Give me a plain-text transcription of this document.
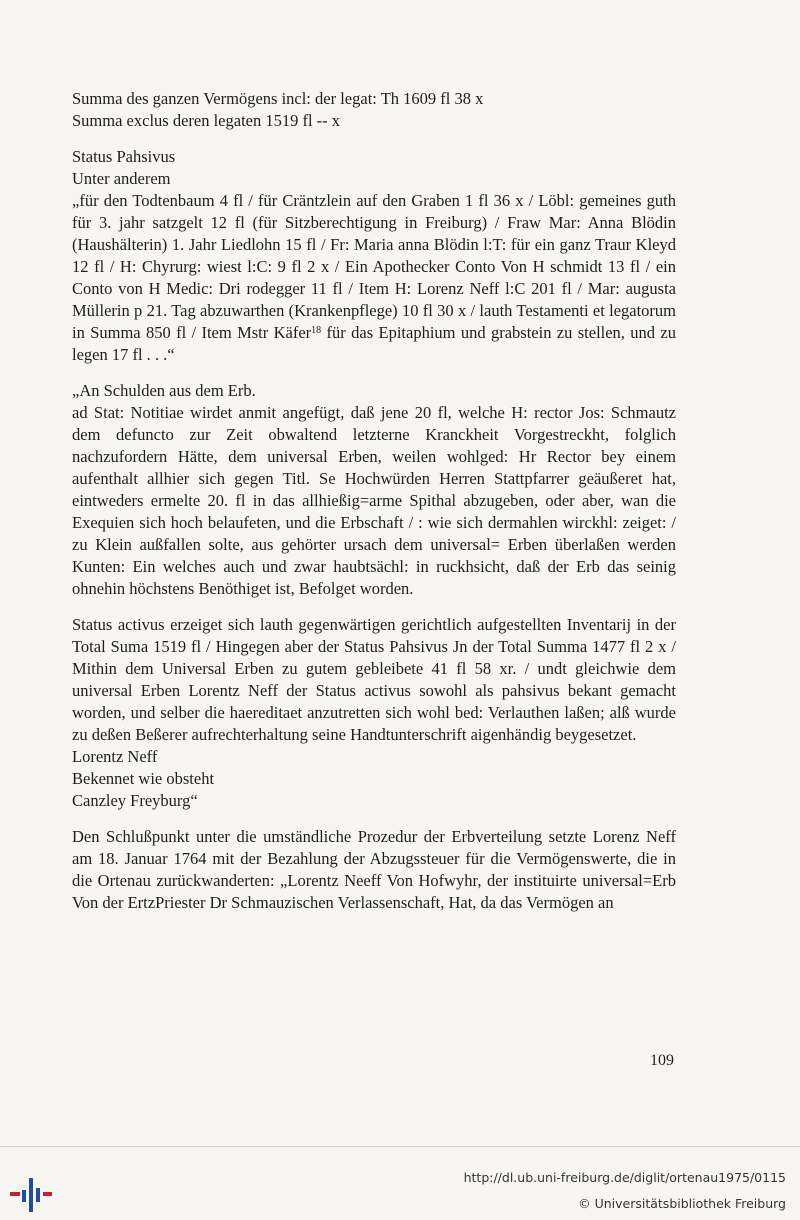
Summa des ganzen Vermögens incl: der legat: Th 1609 fl 38 x

Summa exclus deren legaten 1519 fl -- x

Status Pahsivus

Unter anderem

„für den Todtenbaum 4 fl / für Cräntzlein auf den Graben 1 fl 36 x / Löbl: gemeines guth für 3. jahr satzgelt 12 fl (für Sitzberechtigung in Freiburg) / Fraw Mar: Anna Blödin (Haushälterin) 1. Jahr Liedlohn 15 fl / Fr: Maria anna Blödin l:T: für ein ganz Traur Kleyd 12 fl / H: Chyrurg: wiest l:C: 9 fl 2 x / Ein Apothecker Conto Von H schmidt 13 fl / ein Conto von H Medic: Dri rodegger 11 fl / Item H: Lorenz Neff l:C 201 fl / Mar: augusta Müllerin p 21. Tag abzuwarthen (Krankenpflege) 10 fl 30 x / lauth Testamenti et legatorum in Summa 850 fl / Item Mstr Käfer$^{18}$ für das Epitaphium und grabstein zu stellen, und zu legen 17 fl . . .“

„An Schulden aus dem Erb.

ad Stat: Notitiae wirdet anmit angefügt, daß jene 20 fl, welche H: rector Jos: Schmautz dem defuncto zur Zeit obwaltend letzterne Kranckheit Vorgestreckht, folglich nachzufordern Hätte, dem universal Erben, weilen wohlged: Hr Rector bey einem aufenthalt allhier sich gegen Titl. Se Hochwürden Herren Stattpfarrer geäußeret hat, eintweders ermelte 20. fl in das allhießig=arme Spithal abzugeben, oder aber, wan die Exequien sich hoch belaufeten, und die Erbschaft / : wie sich dermahlen wirckhl: zeiget: / zu Klein außfallen solte, aus gehörter ursach dem universal= Erben überlaßen werden Kunten: Ein welches auch und zwar haubtsächl: in ruckhsicht, daß der Erb das seinig ohnehin höchstens Benöthiget ist, Befolget worden.

Status activus erzeiget sich lauth gegenwärtigen gerichtlich aufgestellten Inventarij in der Total Suma 1519 fl / Hingegen aber der Status Pahsivus Jn der Total Summa 1477 fl 2 x / Mithin dem Universal Erben zu gutem gebleibete 41 fl 58 xr. / undt gleichwie dem universal Erben Lorentz Neff der Status activus sowohl als pahsivus bekant gemacht worden, und selber die haereditaet anzutretten sich wohl bed: Verlauthen laßen; alß wurde zu deßen Beßerer aufrechterhaltung seine Handtunterschrift aigenhändig beygesetzet.

Lorentz Neff

Bekennet wie obsteht

Canzley Freyburg“

Den Schlußpunkt unter die umständliche Prozedur der Erbverteilung setzte Lorenz Neff am 18. Januar 1764 mit der Bezahlung der Abzugssteuer für die Vermögenswerte, die in die Ortenau zurückwanderten: „Lorentz Neeff Von Hofwyhr, der instituirte universal=Erb Von der ErtzPriester Dr Schmauzischen Verlassenschaft, Hat, da das Vermögen an

109
http://dl.ub.uni-freiburg.de/diglit/ortenau1975/0115
© Universitätsbibliothek Freiburg
